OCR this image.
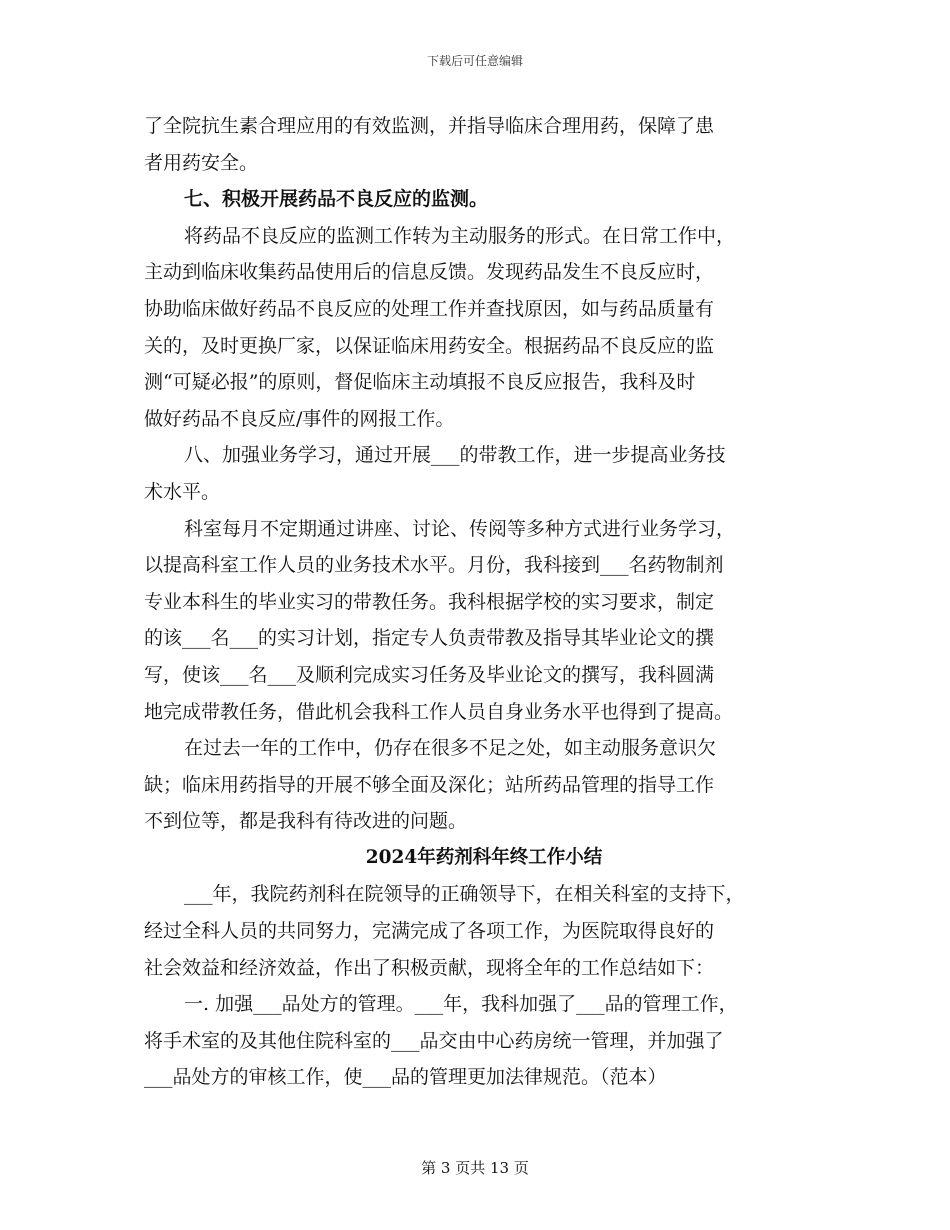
下载后可任意编辑
了全院抗生素合理应用的有效监测，并指导临床合理用药，保障了患
者用药安全。
七、积极开展药品不良反应的监测。
将药品不良反应的监测工作转为主动服务的形式。在日常工作中，
主动到临床收集药品使用后的信息反馈。发现药品发生不良反应时，
协助临床做好药品不良反应的处理工作并查找原因，如与药品质量有
关的，及时更换厂家，以保证临床用药安全。根据药品不良反应的监
测“可疑必报”的原则，督促临床主动填报不良反应报告，我科及时
做好药品不良反应/事件的网报工作。
八、加强业务学习，通过开展___的带教工作，进一步提高业务技
术水平。
科室每月不定期通过讲座、讨论、传阅等多种方式进行业务学习，
以提高科室工作人员的业务技术水平。月份，我科接到___名药物制剂
专业本科生的毕业实习的带教任务。我科根据学校的实习要求，制定
的该___名___的实习计划，指定专人负责带教及指导其毕业论文的撰
写，使该___名___及顺利完成实习任务及毕业论文的撰写，我科圆满
地完成带教任务，借此机会我科工作人员自身业务水平也得到了提高。
在过去一年的工作中，仍存在很多不足之处，如主动服务意识欠
缺；临床用药指导的开展不够全面及深化；站所药品管理的指导工作
不到位等，都是我科有待改进的问题。
2024年药剂科年终工作小结
___年，我院药剂科在院领导的正确领导下，在相关科室的支持下，
经过全科人员的共同努力，完满完成了各项工作，为医院取得良好的
社会效益和经济效益，作出了积极贡献，现将全年的工作总结如下：
一. 加强___品处方的管理。___年，我科加强了___品的管理工作，
将手术室的及其他住院科室的___品交由中心药房统一管理，并加强了
___品处方的审核工作，使___品的管理更加法律规范。（范本）
第 3 页共 13 页
